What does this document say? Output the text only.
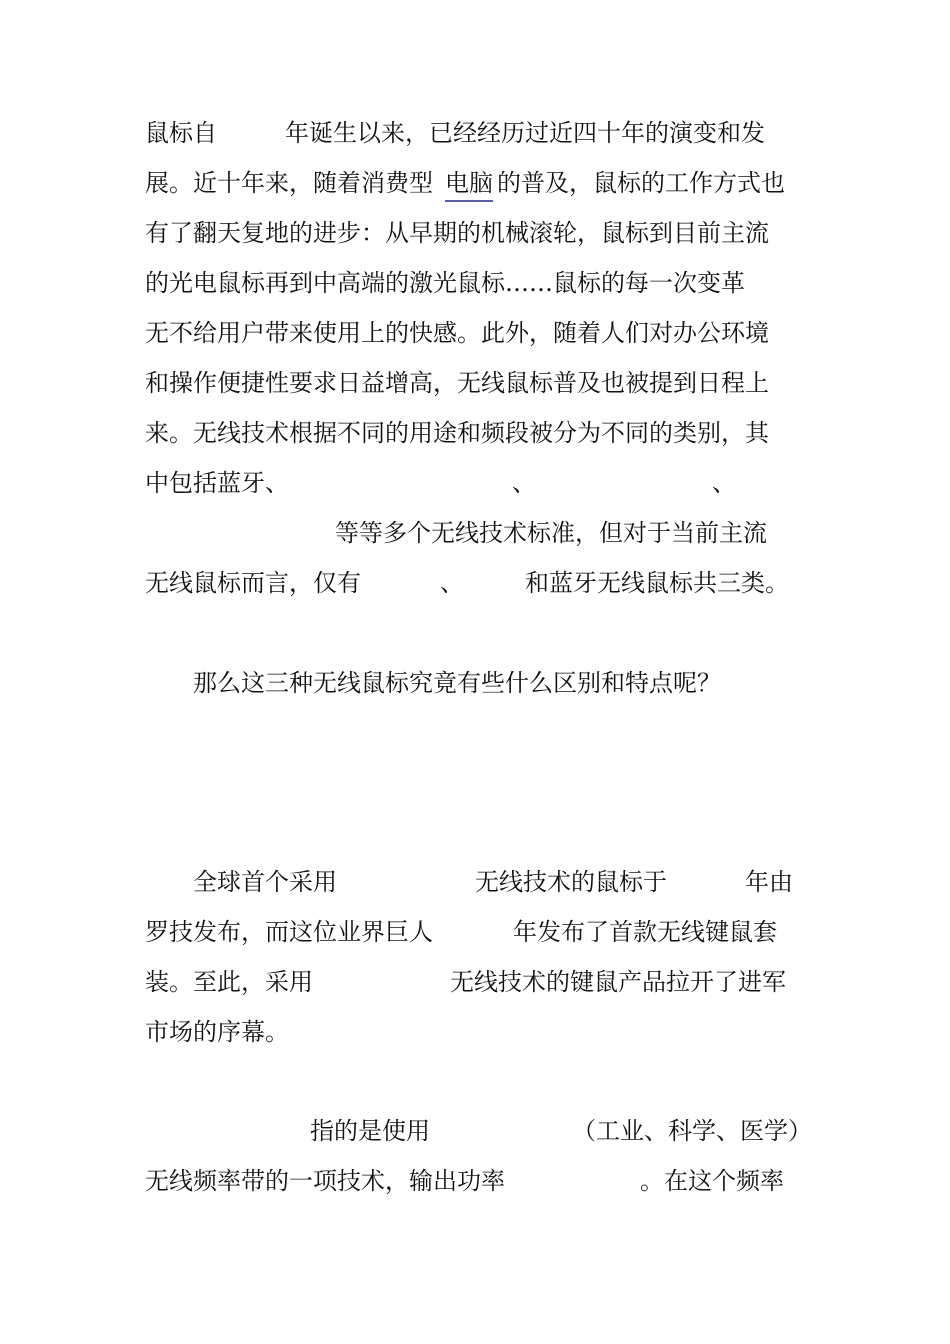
鼠标自	年诞生以来，已经经历过近四十年的演变和发
展。近十年来，随着消费型 电脑 的普及，鼠标的工作方式也
有了翻天复地的进步：从早期的机械滚轮，鼠标到目前主流
的光电鼠标再到中高端的激光鼠标……鼠标的每一次变革
无不给用户带来使用上的快感。此外，随着人们对办公环境
和操作便捷性要求日益增高，无线鼠标普及也被提到日程上
来。无线技术根据不同的用途和频段被分为不同的类别，其
中包括蓝牙、	、	、
等等多个无线技术标准，但对于当前主流
无线鼠标而言，仅有	、	和蓝牙无线鼠标共三类。
那么这三种无线鼠标究竟有些什么区别和特点呢？
全球首个采用	无线技术的鼠标于	年由
罗技发布，而这位业界巨人	年发布了首款无线键鼠套
装。至此，采用	无线技术的键鼠产品拉开了进军
市场的序幕。
指的是使用	（工业、科学、医学）
无线频率带的一项技术，输出功率	。在这个频率
